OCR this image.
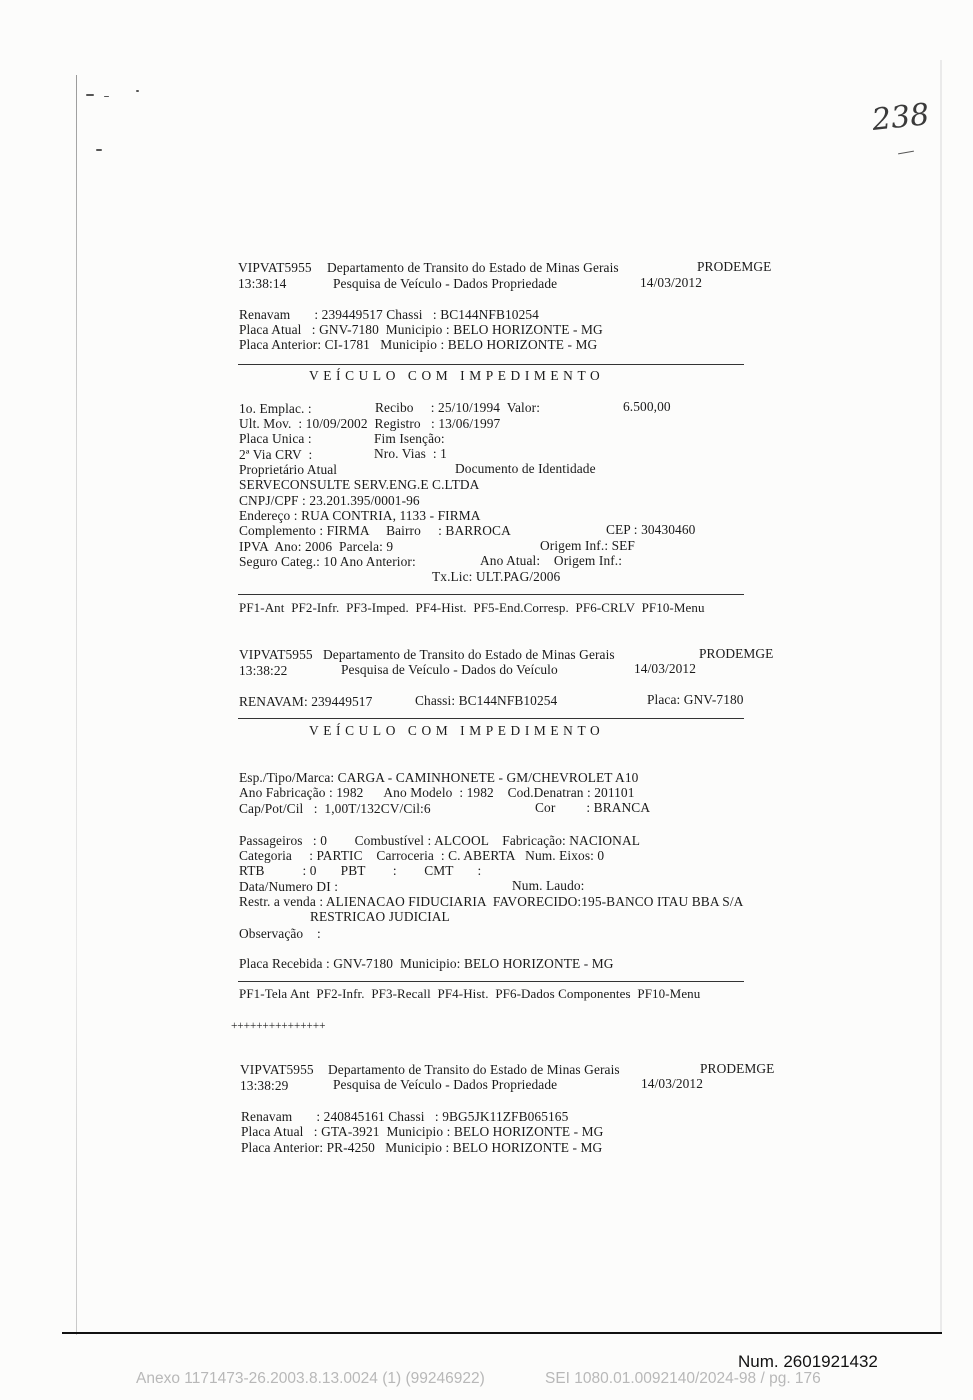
238
VIPVAT5955 Departamento de Transito do Estado de Minas Gerais	PRODEMGE
13:38:14	Pesquisa de Veículo - Dados Propriedade	14/03/2012
Renavam       : 239449517 Chassi   : BC144NFB10254
Placa Atual   : GNV-7180  Municipio : BELO HORIZONTE - MG
Placa Anterior: CI-1781   Municipio : BELO HORIZONTE - MG
VEÍCULO COM IMPEDIMENTO
1o. Emplac. :	Recibo     : 25/10/1994  Valor:	6.500,00
Ult. Mov.  : 10/09/2002  Registro   : 13/06/1997
Placa Unica :	Fim Isenção:
2ª Via CRV  :	Nro. Vias  : 1
Proprietário Atual	Documento de Identidade
SERVECONSULTE SERV.ENG.E C.LTDA
CNPJ/CPF : 23.201.395/0001-96
Endereço : RUA CONTRIA, 1133 - FIRMA
Complemento : FIRMA     Bairro     : BARROCA	CEP : 30430460
IPVA  Ano: 2006  Parcela: 9	Origem Inf.: SEF
Seguro Categ.: 10 Ano Anterior:	Ano Atual:    Origem Inf.:
Tx.Lic: ULT.PAG/2006
PF1-Ant  PF2-Infr.  PF3-Imped.  PF4-Hist.  PF5-End.Corresp.  PF6-CRLV  PF10-Menu
VIPVAT5955 Departamento de Transito do Estado de Minas Gerais	PRODEMGE
13:38:22	Pesquisa de Veículo - Dados do Veículo	14/03/2012
RENAVAM: 239449517	Chassi: BC144NFB10254	Placa: GNV-7180
VEÍCULO COM IMPEDIMENTO
Esp./Tipo/Marca: CARGA - CAMINHONETE - GM/CHEVROLET A10
Ano Fabricação : 1982      Ano Modelo  : 1982    Cod.Denatran : 201101
Cap/Pot/Cil   :  1,00T/132CV/Cil:6	Cor         : BRANCA
Passageiros   : 0        Combustível : ALCOOL    Fabricação: NACIONAL
Categoria     : PARTIC    Carroceria  : C. ABERTA   Num. Eixos: 0
RTB           : 0       PBT        :        CMT       :
Data/Numero DI :	Num. Laudo:
Restr. a venda : ALIENACAO FIDUCIARIA  FAVORECIDO:195-BANCO ITAU BBA S/A
RESTRICAO JUDICIAL
Observação    :
Placa Recebida : GNV-7180  Municipio: BELO HORIZONTE - MG
PF1-Tela Ant  PF2-Infr.  PF3-Recall  PF4-Hist.  PF6-Dados Componentes  PF10-Menu
+++++++++++++++
VIPVAT5955 Departamento de Transito do Estado de Minas Gerais	PRODEMGE
13:38:29	Pesquisa de Veículo - Dados Propriedade	14/03/2012
Renavam       : 240845161 Chassi   : 9BG5JK11ZFB065165
Placa Atual   : GTA-3921  Municipio : BELO HORIZONTE - MG
Placa Anterior: PR-4250   Municipio : BELO HORIZONTE - MG
Num. 2601921432
Anexo 1171473-26.2003.8.13.0024 (1) (99246922)	SEI 1080.01.0092140/2024-98 / pg. 176
